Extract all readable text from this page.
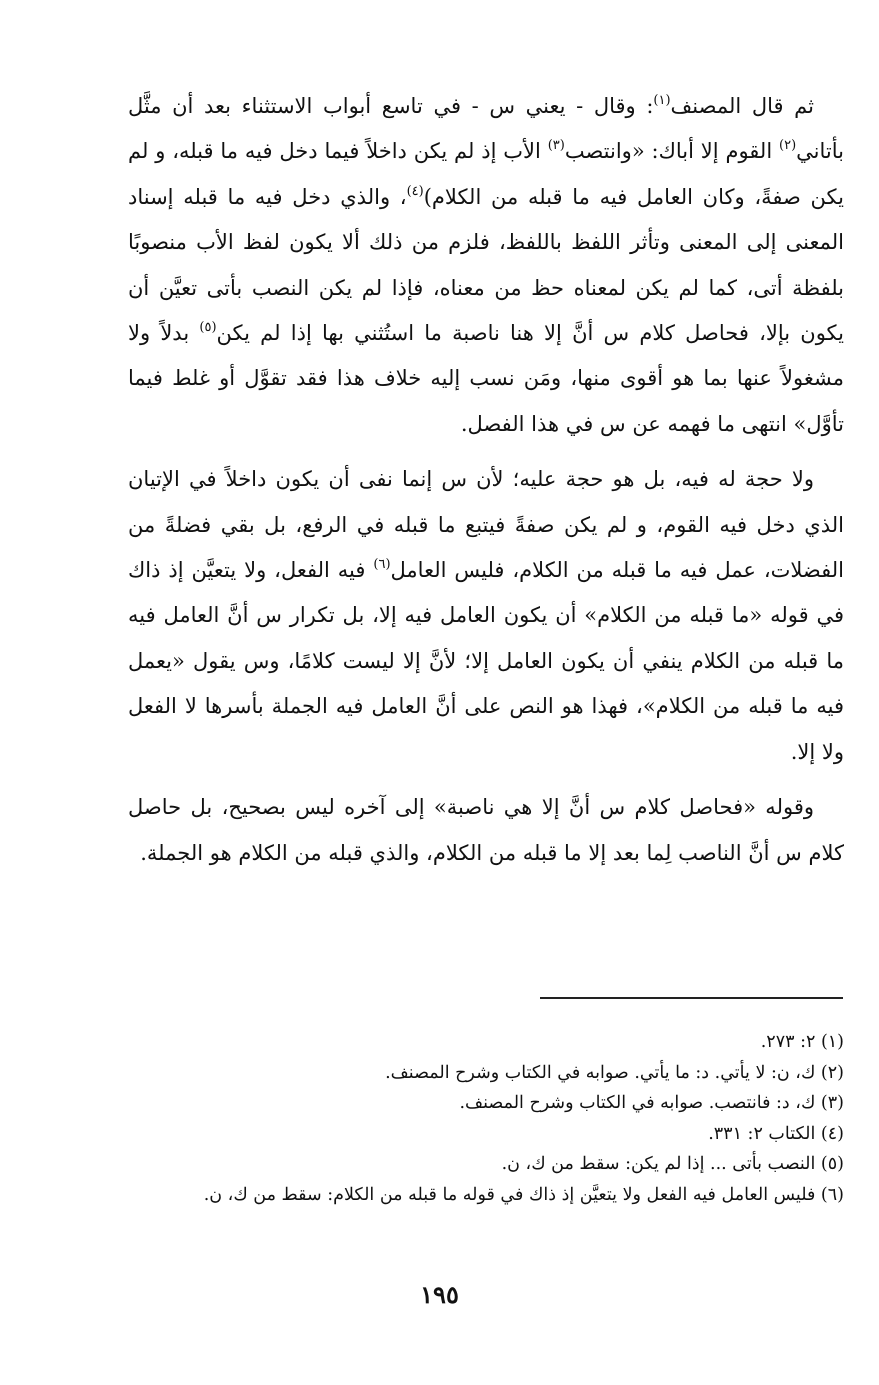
ثم قال المصنف$^{(١)}$: وقال - يعني س - في تاسع أبواب الاستثناء بعد أن مثَّل بأتاني$^{(٢)}$ القوم إلا أباك: «وانتصب$^{(٣)}$ الأب إذ لم يكن داخلاً فيما دخل فيه ما قبله، و لم يكن صفةً، وكان العامل فيه ما قبله من الكلام)$^{(٤)}$، والذي دخل فيه ما قبله إسناد المعنى إلى المعنى وتأثر اللفظ باللفظ، فلزم من ذلك ألا يكون لفظ الأب منصوبًا بلفظة أتى، كما لم يكن لمعناه حظ من معناه، فإذا لم يكن النصب بأتى تعيَّن أن يكون بإلا، فحاصل كلام س أنَّ إلا هنا ناصبة ما استُثني بها إذا لم يكن$^{(٥)}$ بدلاً ولا مشغولاً عنها بما هو أقوى منها، ومَن نسب إليه خلاف هذا فقد تقوَّل أو غلط فيما تأوَّل» انتهى ما فهمه عن س في هذا الفصل.

ولا حجة له فيه، بل هو حجة عليه؛ لأن س إنما نفى أن يكون داخلاً في الإتيان الذي دخل فيه القوم، و لم يكن صفةً فيتبع ما قبله في الرفع، بل بقي فضلةً من الفضلات، عمل فيه ما قبله من الكلام، فليس العامل$^{(٦)}$ فيه الفعل، ولا يتعيَّن إذ ذاك في قوله «ما قبله من الكلام» أن يكون العامل فيه إلا، بل تكرار س أنَّ العامل فيه ما قبله من الكلام ينفي أن يكون العامل إلا؛ لأنَّ إلا ليست كلامًا، وس يقول «يعمل فيه ما قبله من الكلام»، فهذا هو النص على أنَّ العامل فيه الجملة بأسرها لا الفعل ولا إلا.

وقوله «فحاصل كلام س أنَّ إلا هي ناصبة» إلى آخره ليس بصحيح، بل حاصل كلام س أنَّ الناصب لِما بعد إلا ما قبله من الكلام، والذي قبله من الكلام هو الجملة.

(١) ٢: ٢٧٣.

(٢) ك، ن: لا يأتي. د: ما يأتي. صوابه في الكتاب وشرح المصنف.

(٣) ك، د: فانتصب. صوابه في الكتاب وشرح المصنف.

(٤) الكتاب ٢: ٣٣١.

(٥) النصب بأتى ... إذا لم يكن: سقط من ك، ن.

(٦) فليس العامل فيه الفعل ولا يتعيَّن إذ ذاك في قوله ما قبله من الكلام: سقط من ك، ن.

١٩٥
